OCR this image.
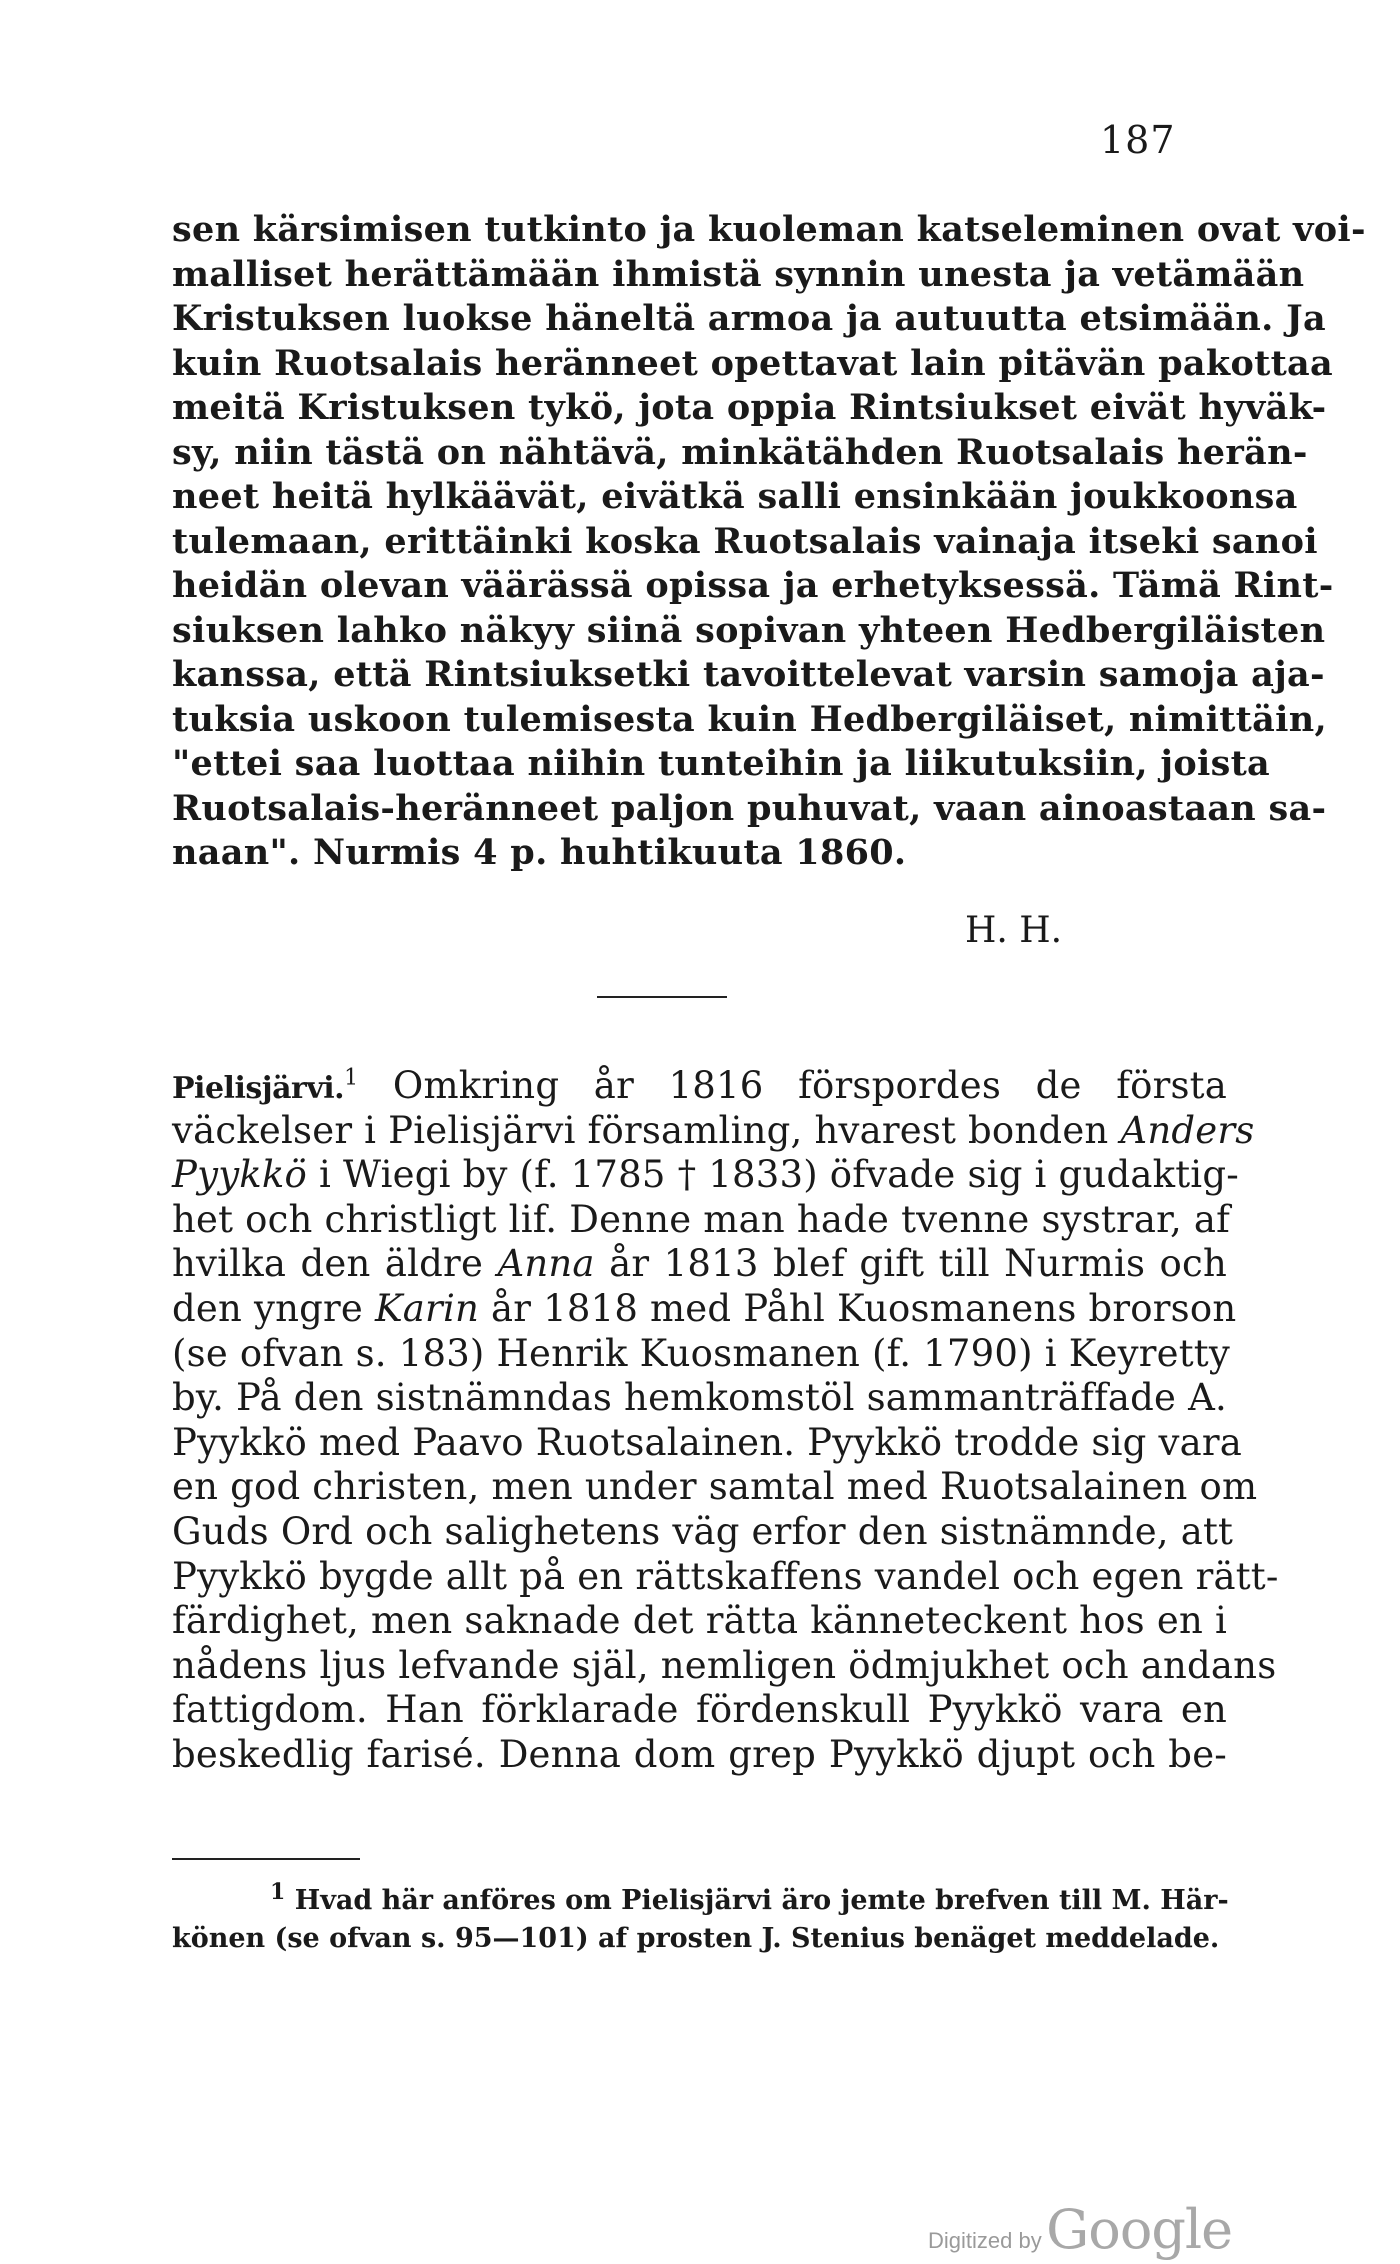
187
sen kärsimisen tutkinto ja kuoleman katseleminen ovat voi-
malliset herättämään ihmistä synnin unesta ja vetämään
Kristuksen luokse häneltä armoa ja autuutta etsimään. Ja
kuin Ruotsalais heränneet opettavat lain pitävän pakottaa
meitä Kristuksen tykö, jota oppia Rintsiukset eivät hyväk-
sy, niin tästä on nähtävä, minkätähden Ruotsalais herän-
neet heitä hylkäävät, eivätkä salli ensinkään joukkoonsa
tulemaan, erittäinki koska Ruotsalais vainaja itseki sanoi
heidän olevan väärässä opissa ja erhetyksessä. Tämä Rint-
siuksen lahko näkyy siinä sopivan yhteen Hedbergiläisten
kanssa, että Rintsiuksetki tavoittelevat varsin samoja aja-
tuksia uskoon tulemisesta kuin Hedbergiläiset, nimittäin,
"ettei saa luottaa niihin tunteihin ja liikutuksiin, joista
Ruotsalais-heränneet paljon puhuvat, vaan ainoastaan sa-
naan". Nurmis 4 p. huhtikuuta 1860.
H. H.
Pielisjärvi.$^1$ Omkring år 1816 förspordes de första
väckelser i Pielisjärvi församling, hvarest bonden Anders
Pyykkö i Wiegi by (f. 1785 † 1833) öfvade sig i gudaktig-
het och christligt lif. Denne man hade tvenne systrar, af
hvilka den äldre Anna år 1813 blef gift till Nurmis och
den yngre Karin år 1818 med Påhl Kuosmanens brorson
(se ofvan s. 183) Henrik Kuosmanen (f. 1790) i Keyretty
by. På den sistnämndas hemkomstöl sammanträffade A.
Pyykkö med Paavo Ruotsalainen. Pyykkö trodde sig vara
en god christen, men under samtal med Ruotsalainen om
Guds Ord och salighetens väg erfor den sistnämnde, att
Pyykkö bygde allt på en rättskaffens vandel och egen rätt-
färdighet, men saknade det rätta känneteckent hos en i
nådens ljus lefvande själ, nemligen ödmjukhet och andans
fattigdom. Han förklarade fördenskull Pyykkö vara en
beskedlig farisé. Denna dom grep Pyykkö djupt och be-
$^1$ Hvad här anföres om Pielisjärvi äro jemte brefven till M. Här-
könen (se ofvan s. 95—101) af prosten J. Stenius benäget meddelade.
Digitized by Google
